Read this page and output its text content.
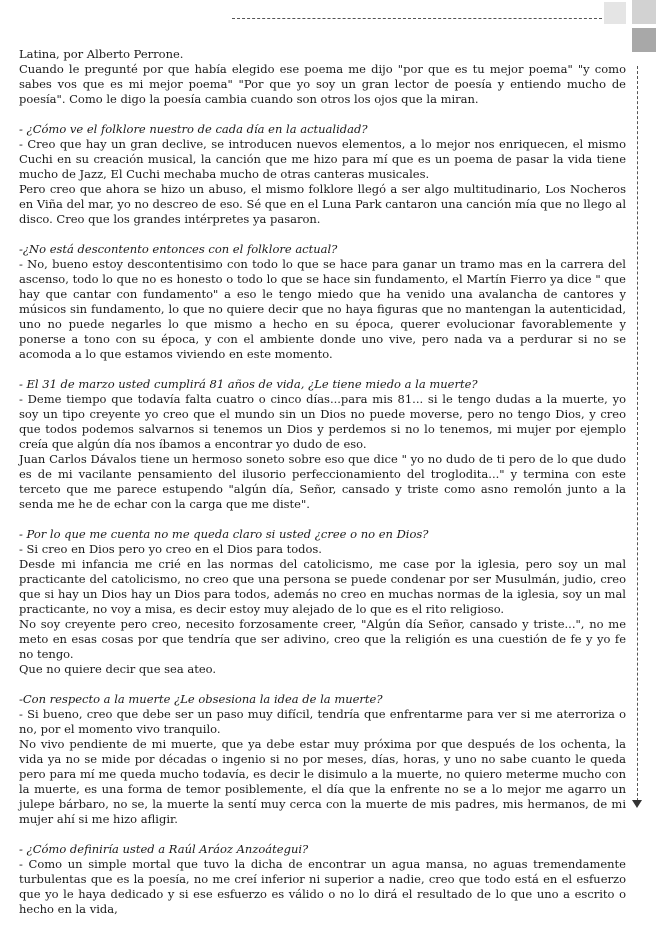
Latina, por Alberto Perrone.

Cuando le pregunté por que había elegido ese poema me dijo "por que es tu mejor poema" "y como sabes vos que es mi mejor poema" "Por que yo soy un gran lector de poesía y entiendo mucho de poesía". Como le digo la poesía cambia cuando son otros los ojos que la miran.

- ¿Cómo ve el folklore nuestro de cada día en la actualidad?

- Creo que hay un gran declive, se introducen nuevos elementos, a lo mejor nos enriquecen, el mismo Cuchi en su creación musical, la canción que me hizo para mí que es un poema de pasar la vida tiene mucho de Jazz, El Cuchi mechaba mucho de otras canteras musicales.

Pero creo que ahora se hizo un abuso, el mismo folklore llegó a ser algo multitudinario, Los Nocheros en Viña del mar, yo no descreo de eso. Sé que en el Luna Park cantaron una canción mía que no llego al disco. Creo que los grandes intérpretes ya pasaron.

-¿No está descontento entonces con el folklore actual?

- No, bueno estoy descontentisimo con todo lo que se hace para ganar un tramo mas en la carrera del ascenso, todo lo que no es honesto o todo lo que se hace sin fundamento, el Martín Fierro ya dice " que hay que cantar con fundamento" a eso le tengo miedo que ha venido una avalancha de cantores y músicos sin fundamento, lo que no quiere decir que no haya figuras que no mantengan la autenticidad, uno no puede negarles lo que mismo a hecho en su época, querer evolucionar favorablemente y ponerse a tono con su época, y con el ambiente donde uno vive, pero nada va a perdurar si no se acomoda a lo que estamos viviendo en este momento.

- El 31 de marzo usted cumplirá 81 años de vida, ¿Le tiene miedo a la muerte?

- Deme tiempo que todavía falta cuatro o cinco días...para mis 81... si le tengo dudas a la muerte, yo soy un tipo creyente yo creo que el mundo sin un Dios no puede moverse, pero no tengo Dios, y creo que todos podemos salvarnos si tenemos un Dios y perdemos si no lo tenemos, mi mujer por ejemplo creía que algún día nos íbamos a encontrar yo dudo de eso.

Juan Carlos Dávalos tiene un hermoso soneto sobre eso que dice " yo no dudo de ti pero de lo que dudo es de mi vacilante pensamiento del ilusorio perfeccionamiento del troglodita..." y termina con este terceto que me parece estupendo "algún día, Señor, cansado y triste como asno remolón junto a la senda me he de echar con la carga que me diste".

- Por lo que me cuenta no me queda claro si usted ¿cree o no en Dios?

- Si creo en Dios pero yo creo en el Dios para todos.

Desde mi infancia me crié en las normas del catolicismo, me case por la iglesia, pero soy un mal practicante del catolicismo, no creo que una persona se puede condenar por ser Musulmán, judio, creo que si hay un Dios hay un Dios para todos, además no creo en muchas normas de la iglesia, soy un mal practicante, no voy a misa, es decir estoy muy alejado de lo que es el rito religioso.

No soy creyente pero creo, necesito forzosamente creer, "Algún día Señor, cansado y triste...", no me meto en esas cosas por que tendría que ser adivino, creo que la religión es una cuestión de fe y yo fe no tengo.

Que no quiere decir que sea ateo.

-Con respecto a la muerte ¿Le obsesiona la idea de la muerte?

- Si bueno, creo que debe ser un paso muy difícil, tendría que enfrentarme para ver si me aterroriza o no, por el momento vivo tranquilo.

No vivo pendiente de mi muerte, que ya debe estar muy próxima por que después de los ochenta, la vida ya no se mide por décadas o ingenio si no por meses, días, horas, y uno no sabe cuanto le queda pero para mí me queda mucho todavía, es decir le disimulo a la muerte, no quiero meterme mucho con la muerte, es una forma de temor posiblemente, el día que la enfrente no se a lo mejor me agarro un julepe bárbaro, no se, la muerte la sentí muy cerca con la muerte de mis padres, mis hermanos, de mi mujer ahí si me hizo afligir.

- ¿Cómo definiría usted a Raúl Aráoz Anzoátegui?

- Como un simple mortal que tuvo la dicha de encontrar un agua mansa, no aguas tremendamente turbulentas que es la poesía, no me creí inferior ni superior a nadie, creo que todo está en el esfuerzo que yo le haya dedicado y si ese esfuerzo es válido o no lo dirá el resultado de lo que uno a escrito o hecho en la vida,
